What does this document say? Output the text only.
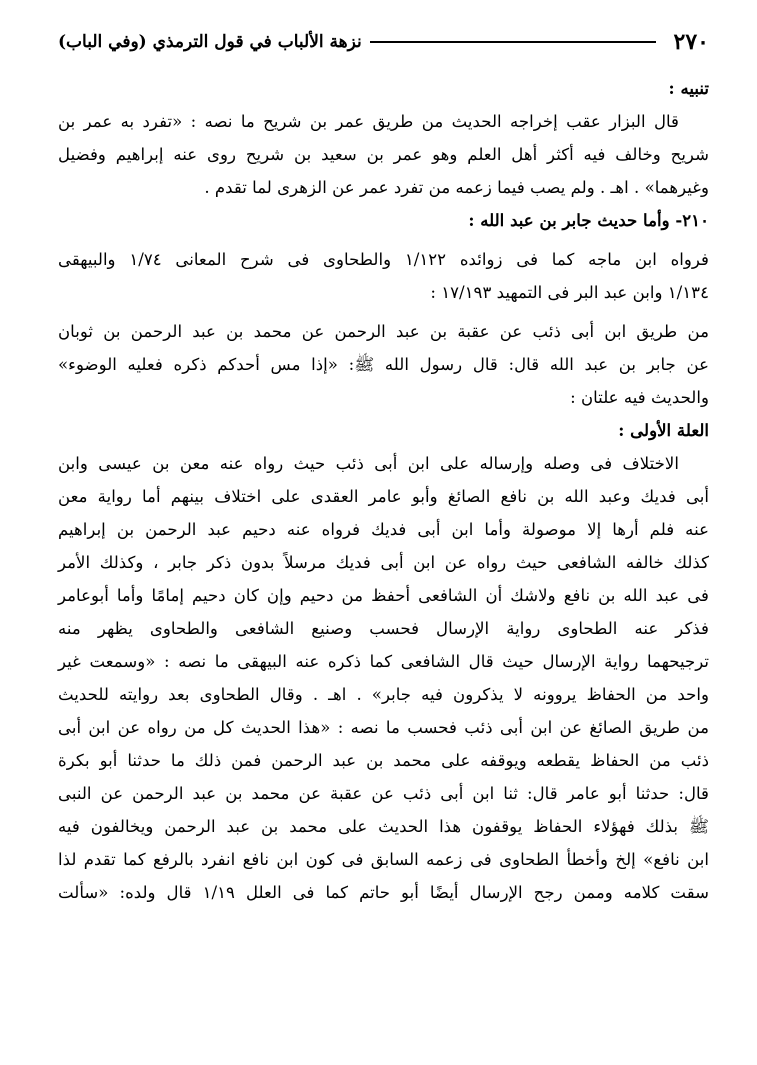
٢٧٠
نزهة الألباب في قول الترمذي (وفي الباب)
تنبيه :
قال البزار عقب إخراجه الحديث من طريق عمر بن شريح ما نصه : «تفرد به عمر بن
شريح وخالف فيه أكثر أهل العلم وهو عمر بن سعيد بن شريح روى عنه إبراهيم وفضيل
وغيرهما» . اهـ . ولم يصب فيما زعمه من تفرد عمر عن الزهرى لما تقدم .
٢١٠- وأما حديث جابر بن عبد الله :
فرواه ابن ماجه كما فى زوائده ١/١٢٢ والطحاوى فى شرح المعانى ١/٧٤ والبيهقى
١/١٣٤ وابن عبد البر فى التمهيد ١٧/١٩٣ :
من طريق ابن أبى ذئب عن عقبة بن عبد الرحمن عن محمد بن عبد الرحمن بن ثوبان
عن جابر بن عبد الله قال: قال رسول الله ﷺ: «إذا مس أحدكم ذكره فعليه الوضوء»
والحديث فيه علتان :
العلة الأولى :
الاختلاف فى وصله وإرساله على ابن أبى ذئب حيث رواه عنه معن بن عيسى وابن
أبى فديك وعبد الله بن نافع الصائغ وأبو عامر العقدى على اختلاف بينهم أما رواية معن
عنه فلم أرها إلا موصولة وأما ابن أبى فديك فرواه عنه دحيم عبد الرحمن بن إبراهيم
كذلك خالفه الشافعى حيث رواه عن ابن أبى فديك مرسلاً بدون ذكر جابر ، وكذلك الأمر
فى عبد الله بن نافع ولاشك أن الشافعى أحفظ من دحيم وإن كان دحيم إمامًا وأما أبوعامر
فذكر عنه الطحاوى رواية الإرسال فحسب وصنيع الشافعى والطحاوى يظهر منه
ترجيحهما رواية الإرسال حيث قال الشافعى كما ذكره عنه البيهقى ما نصه : «وسمعت غير
واحد من الحفاظ يروونه لا يذكرون فيه جابر» . اهـ . وقال الطحاوى بعد روايته للحديث
من طريق الصائغ عن ابن أبى ذئب فحسب ما نصه : «هذا الحديث كل من رواه عن ابن أبى
ذئب من الحفاظ يقطعه ويوقفه على محمد بن عبد الرحمن فمن ذلك ما حدثنا أبو بكرة
قال: حدثنا أبو عامر قال: ثنا ابن أبى ذئب عن عقبة عن محمد بن عبد الرحمن عن النبى
ﷺ بذلك فهؤلاء الحفاظ يوقفون هذا الحديث على محمد بن عبد الرحمن ويخالفون فيه
ابن نافع» إلخ وأخطأ الطحاوى فى زعمه السابق فى كون ابن نافع انفرد بالرفع كما تقدم لذا
سقت كلامه وممن رجح الإرسال أيضًا أبو حاتم كما فى العلل ١/١٩ قال ولده: «سألت
